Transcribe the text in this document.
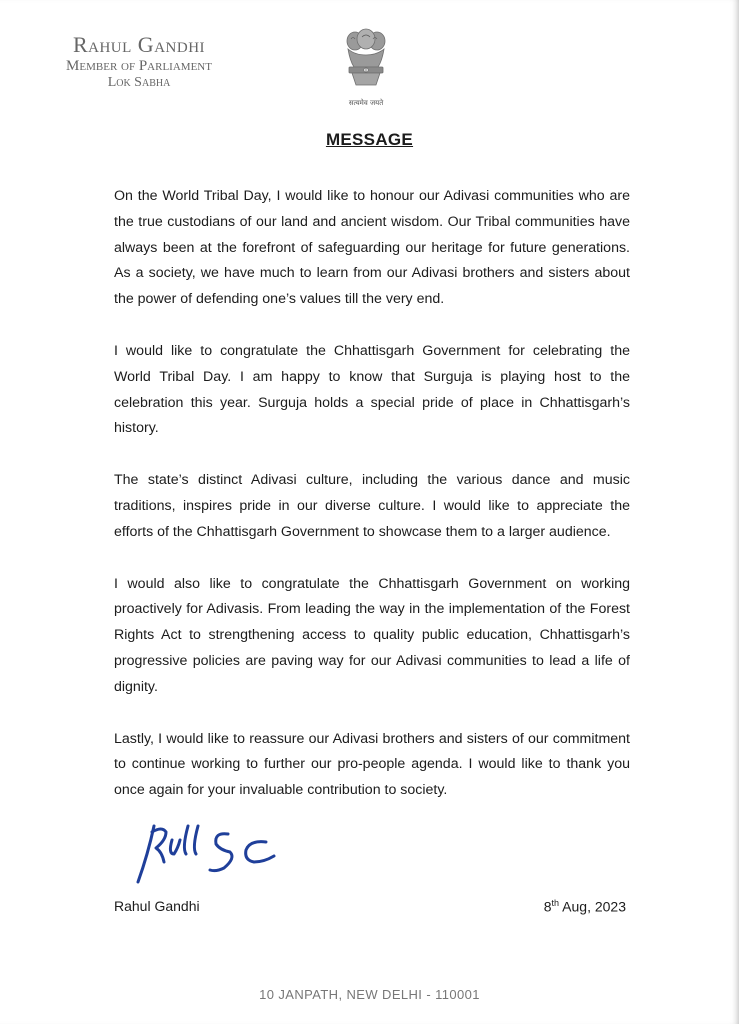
Rahul Gandhi
Member of Parliament
Lok Sabha
सत्यमेव जयते
MESSAGE

On the World Tribal Day, I would like to honour our Adivasi communities who are the true custodians of our land and ancient wisdom. Our Tribal communities have always been at the forefront of safeguarding our heritage for future generations. As a society, we have much to learn from our Adivasi brothers and sisters about the power of defending one’s values till the very end.

I would like to congratulate the Chhattisgarh Government for celebrating the World Tribal Day. I am happy to know that Surguja is playing host to the celebration this year. Surguja holds a special pride of place in Chhattisgarh’s history.

The state’s distinct Adivasi culture, including the various dance and music traditions, inspires pride in our diverse culture. I would like to appreciate the efforts of the Chhattisgarh Government to showcase them to a larger audience.

I would also like to congratulate the Chhattisgarh Government on working proactively for Adivasis. From leading the way in the implementation of the Forest Rights Act to strengthening access to quality public education, Chhattisgarh’s progressive policies are paving way for our Adivasi communities to lead a life of dignity.

Lastly, I would like to reassure our Adivasi brothers and sisters of our commitment to continue working to further our pro-people agenda. I would like to thank you once again for your invaluable contribution to society.

Rahul Gandhi	8th Aug, 2023
10 JANPATH, NEW DELHI - 110001
